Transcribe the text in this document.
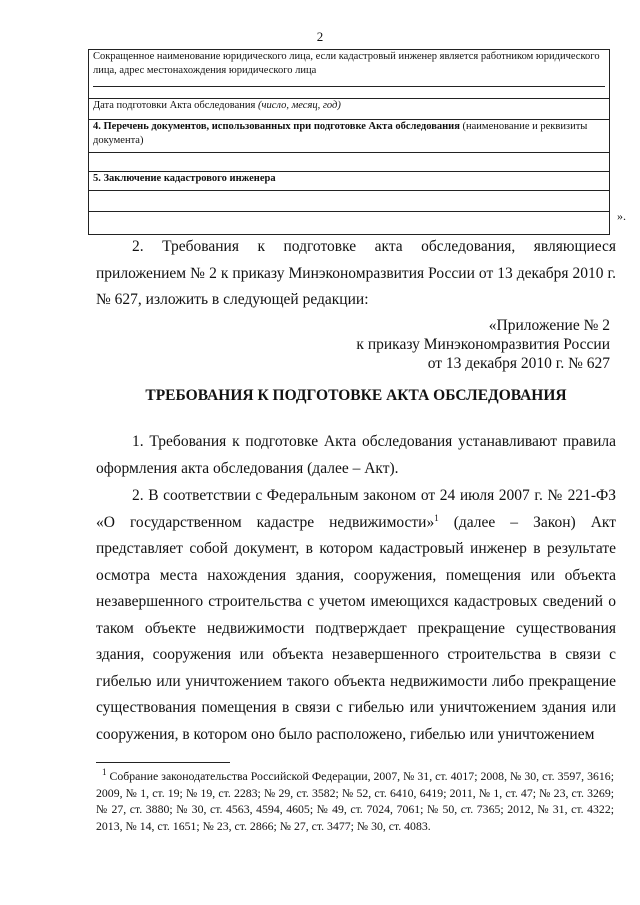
2
Сокращенное наименование юридического лица, если кадастровый инженер является работником юридического лица, адрес местонахождения юридического лица

Дата подготовки Акта обследования (число, месяц, год)
4. Перечень документов, использованных при подготовке Акта обследования (наименование и реквизиты документа)

5. Заключение кадастрового инженера

».
2. Требования к подготовке акта обследования, являющиеся приложением № 2 к приказу Минэкономразвития России от 13 декабря 2010 г. № 627, изложить в следующей редакции:
«Приложение № 2
к приказу Минэкономразвития России
от 13 декабря 2010 г. № 627
ТРЕБОВАНИЯ К ПОДГОТОВКЕ АКТА ОБСЛЕДОВАНИЯ
1. Требования к подготовке Акта обследования устанавливают правила оформления акта обследования (далее – Акт).
2. В соответствии с Федеральным законом от 24 июля 2007 г. № 221-ФЗ «О государственном кадастре недвижимости»$^1$ (далее – Закон) Акт представляет собой документ, в котором кадастровый инженер в результате осмотра места нахождения здания, сооружения, помещения или объекта незавершенного строительства с учетом имеющихся кадастровых сведений о таком объекте недвижимости подтверждает прекращение существования здания, сооружения или объекта незавершенного строительства в связи с гибелью или уничтожением такого объекта недвижимости либо прекращение существования помещения в связи с гибелью или уничтожением здания или сооружения, в котором оно было расположено, гибелью или уничтожением
$^1$ Собрание законодательства Российской Федерации, 2007, № 31, ст. 4017; 2008, № 30, ст. 3597, 3616; 2009, № 1, ст. 19; № 19, ст. 2283; № 29, ст. 3582; № 52, ст. 6410, 6419; 2011, № 1, ст. 47; № 23, ст. 3269; № 27, ст. 3880; № 30, ст. 4563, 4594, 4605; № 49, ст. 7024, 7061; № 50, ст. 7365; 2012, № 31, ст. 4322; 2013, № 14, ст. 1651; № 23, ст. 2866; № 27, ст. 3477; № 30, ст. 4083.
